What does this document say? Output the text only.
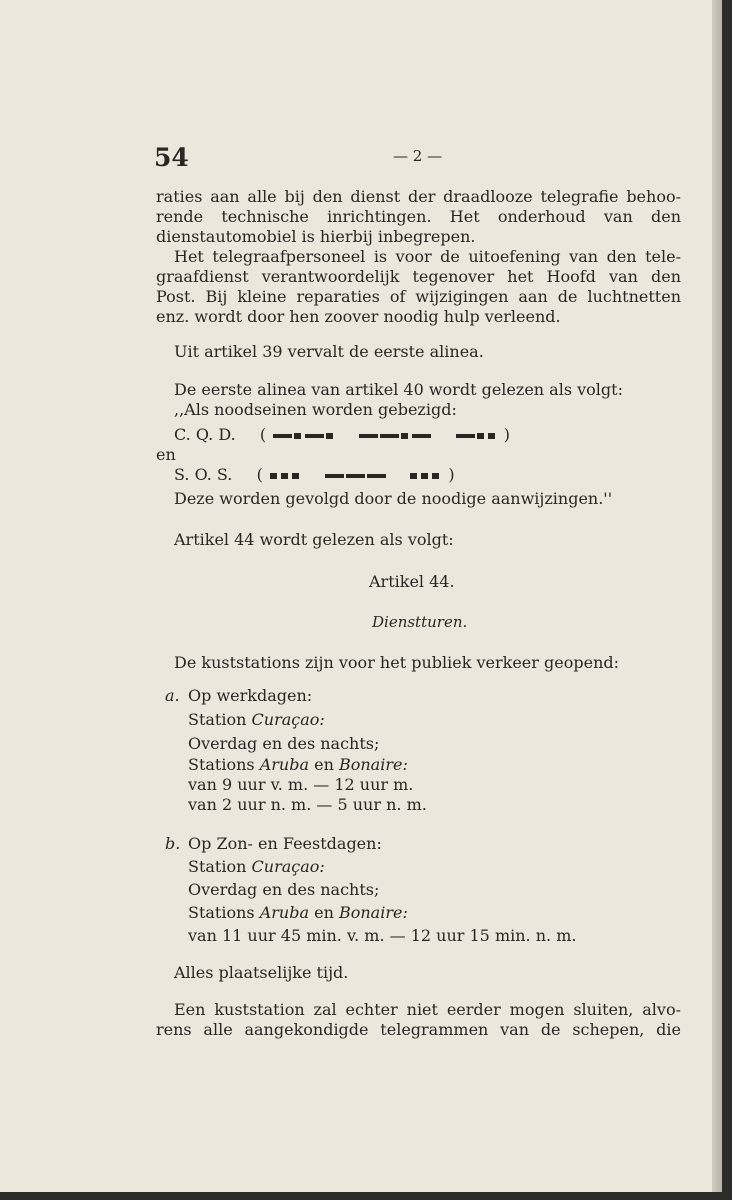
54	— 2 —
raties aan alle bij den dienst der draadlooze telegrafie behoo-
rende technische inrichtingen. Het onderhoud van den
dienstautomobiel is hierbij inbegrepen.
Het telegraafpersoneel is voor de uitoefening van den tele-
graafdienst verantwoordelijk tegenover het Hoofd van den
Post. Bij kleine reparaties of wijzigingen aan de luchtnetten
enz. wordt door hen zoover noodig hulp verleend.
Uit artikel 39 vervalt de eerste alinea.
De eerste alinea van artikel 40 wordt gelezen als volgt:
,,Als noodseinen worden gebezigd:
C. Q. D. (	)
en
S. O. S. (	)
Deze worden gevolgd door de noodige aanwijzingen.''
Artikel 44 wordt gelezen als volgt:
Artikel 44.
Dienstturen.
De kuststations zijn voor het publiek verkeer geopend:
a. Op werkdagen:
Station Curaçao:
Overdag en des nachts;
Stations Aruba en Bonaire:
van 9 uur v. m. — 12 uur m.
van 2 uur n. m. — 5 uur n. m.
b. Op Zon- en Feestdagen:
Station Curaçao:
Overdag en des nachts;
Stations Aruba en Bonaire:
van 11 uur 45 min. v. m. — 12 uur 15 min. n. m.
Alles plaatselijke tijd.
Een kuststation zal echter niet eerder mogen sluiten, alvo-
rens alle aangekondigde telegrammen van de schepen, die
